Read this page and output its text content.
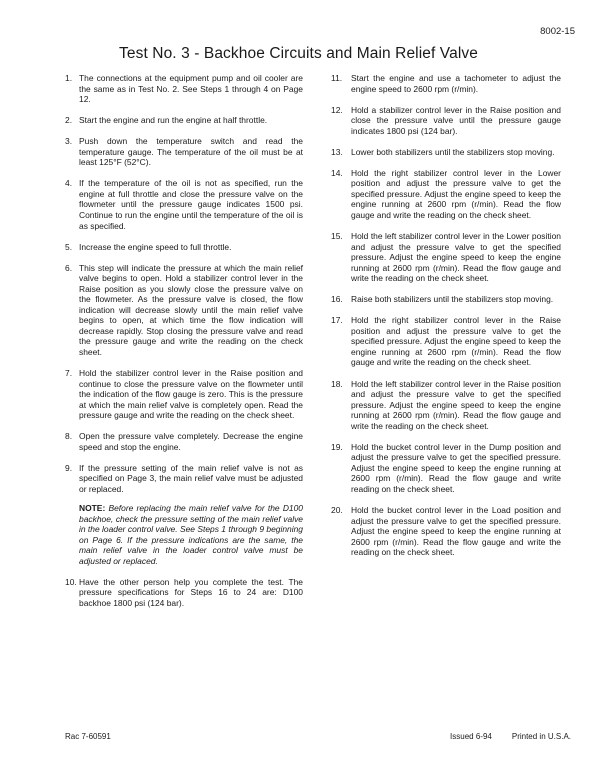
8002-15
Test No. 3 - Backhoe Circuits and Main Relief Valve
1. The connections at the equipment pump and oil cooler are the same as in Test No. 2. See Steps 1 through 4 on Page 12.
2. Start the engine and run the engine at half throttle.
3. Push down the temperature switch and read the temperature gauge. The temperature of the oil must be at least 125°F (52°C).
4. If the temperature of the oil is not as specified, run the engine at full throttle and close the pressure valve on the flowmeter until the pressure gauge indicates 1500 psi. Continue to run the engine until the temperature of the oil is as specified.
5. Increase the engine speed to full throttle.
6. This step will indicate the pressure at which the main relief valve begins to open. Hold a stabilizer control lever in the Raise position as you slowly close the pressure valve on the flowmeter. As the pressure valve is closed, the flow indication will decrease slowly until the main relief valve begins to open, at which time the flow indication will decrease rapidly. Stop closing the pressure valve and read the pressure gauge and write the reading on the check sheet.
7. Hold the stabilizer control lever in the Raise position and continue to close the pressure valve on the flowmeter until the indication of the flow gauge is zero. This is the pressure at which the main relief valve is completely open. Read the pressure gauge and write the reading on the check sheet.
8. Open the pressure valve completely. Decrease the engine speed and stop the engine.
9. If the pressure setting of the main relief valve is not as specified on Page 3, the main relief valve must be adjusted or replaced.
NOTE: Before replacing the main relief valve for the D100 backhoe, check the pressure setting of the main relief valve in the loader control valve. See Steps 1 through 9 beginning on Page 6. If the pressure indications are the same, the main relief valve in the loader control valve must be adjusted or replaced.
10. Have the other person help you complete the test. The pressure specifications for Steps 16 to 24 are: D100 backhoe 1800 psi (124 bar).
11.	Start the engine and use a tachometer to adjust the engine speed to 2600 rpm (r/min).
12. Hold a stabilizer control lever in the Raise position and close the pressure valve until the pressure gauge indicates 1800 psi (124 bar).
13. Lower both stabilizers until the stabilizers stop moving.
14. Hold the right stabilizer control lever in the Lower position and adjust the pressure valve to get the specified pressure. Adjust the engine speed to keep the engine running at 2600 rpm (r/min). Read the flow gauge and write the reading on the check sheet.
15. Hold the left stabilizer control lever in the Lower position and adjust the pressure valve to get the specified pressure. Adjust the engine speed to keep the engine running at 2600 rpm (r/min). Read the flow gauge and write the reading on the check sheet.
16. Raise both stabilizers until the stabilizers stop moving.
17. Hold the right stabilizer control lever in the Raise position and adjust the pressure valve to get the specified pressure. Adjust the engine speed to keep the engine running at 2600 rpm (r/min). Read the flow gauge and write the reading on the check sheet.
18. Hold the left stabilizer control lever in the Raise position and adjust the pressure valve to get the specified pressure. Adjust the engine speed to keep the engine running at 2600 rpm (r/min). Read the flow gauge and write the reading on the check sheet.
19. Hold the bucket control lever in the Dump position and adjust the pressure valve to get the specified pressure. Adjust the engine speed to keep the engine running at 2600 rpm (r/min). Read the flow gauge and write reading on the check sheet.
20. Hold the bucket control lever in the Load position and adjust the pressure valve to get the specified pressure. Adjust the engine speed to keep the engine running at 2600 rpm (r/min). Read the flow gauge and write the reading on the check sheet.
Rac 7-60591	Issued 6-94	Printed in U.S.A.
